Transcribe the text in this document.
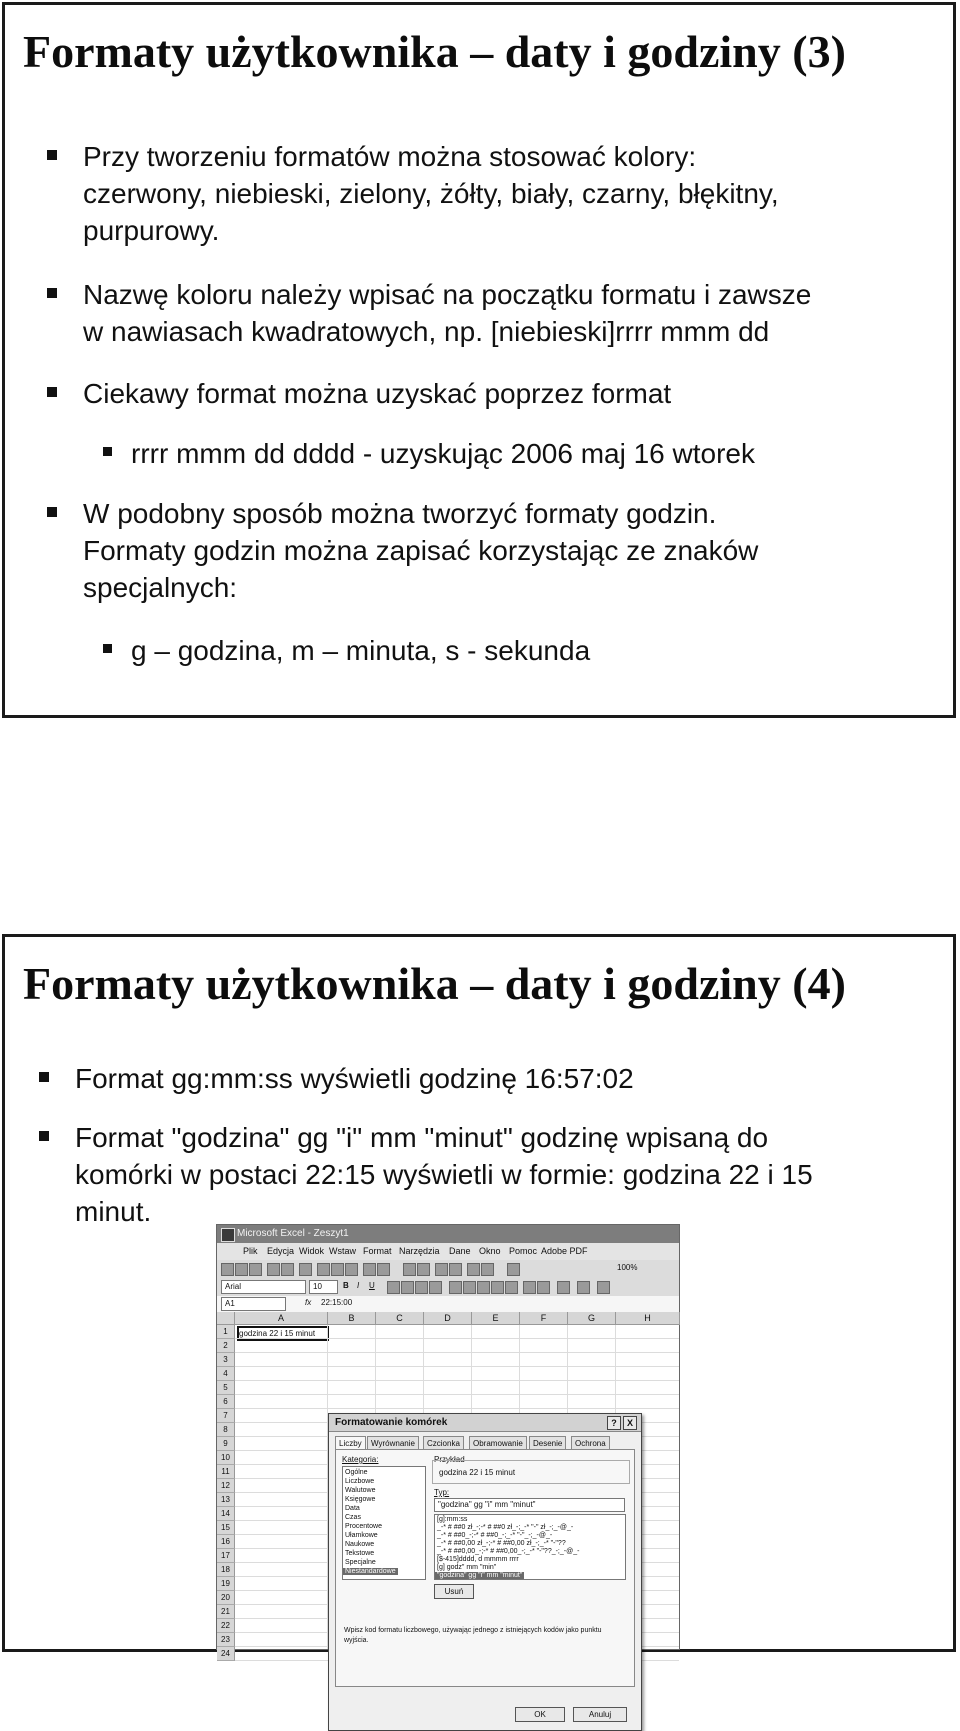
Formaty użytkownika – daty i godziny (3)
Przy tworzeniu formatów można stosować kolory:
czerwony, niebieski, zielony, żółty, biały, czarny, błękitny,
purpurowy.
Nazwę koloru należy wpisać na początku formatu i zawsze
w nawiasach kwadratowych, np. [niebieski]rrrr mmm dd
Ciekawy format można uzyskać poprzez format
rrrr mmm dd dddd - uzyskując 2006 maj 16 wtorek
W podobny sposób można tworzyć formaty godzin.
Formaty godzin można zapisać korzystając ze znaków
specjalnych:
g – godzina, m – minuta, s - sekunda
Formaty użytkownika – daty i godziny (4)
Format gg:mm:ss wyświetli godzinę 16:57:02
Format "godzina" gg "i" mm "minut" godzinę wpisaną do
komórki w postaci 22:15 wyświetli w formie: godzina 22 i 15
minut.
Microsoft Excel - Zeszyt1
Plik Edycja Widok Wstaw Format Narzędzia Dane Okno Pomoc Adobe PDF
100%
Arial	10	B I U
A1	fx 22:15:00
A	B	C	D	E	F	G	H
godzina 22 i 15 minut
Formatowanie komórek	?	X
Liczby	Wyrównanie	Czcionka	Obramowanie	Desenie	Ochrona
Kategoria:
Ogólne
Liczbowe
Walutowe
Księgowe
Data
Czas
Procentowe
Ułamkowe
Naukowe
Tekstowe
Specjalne
Niestandardowe
Przykład
godzina 22 i 15 minut
Typ:
"godzina" gg "i" mm "minut"
[g]:mm:ss
_-* # ##0 zł_-;-* # ##0 zł_-;_-* "-" zł_-;_-@_-
_-* # ##0_-;-* # ##0_-;_-* "-"_-;_-@_-
_-* # ##0,00 zł_-;-* # ##0,00 zł_-;_-* "-"??
_-* # ##0,00_-;-* # ##0,00_-;_-* "-"??_-;_-@_-
[$-415]dddd, d mmmm rrrr
[g] godz" mm "min"
"godzina" gg "i" mm "minut"
Usuń
Wpisz kod formatu liczbowego, używając jednego z istniejących kodów jako punktu wyjścia.
OK	Anuluj
1
2
3
4
5
6
7
8
9
10
11
12
13
14
15
16
17
18
19
20
21
22
23
24
